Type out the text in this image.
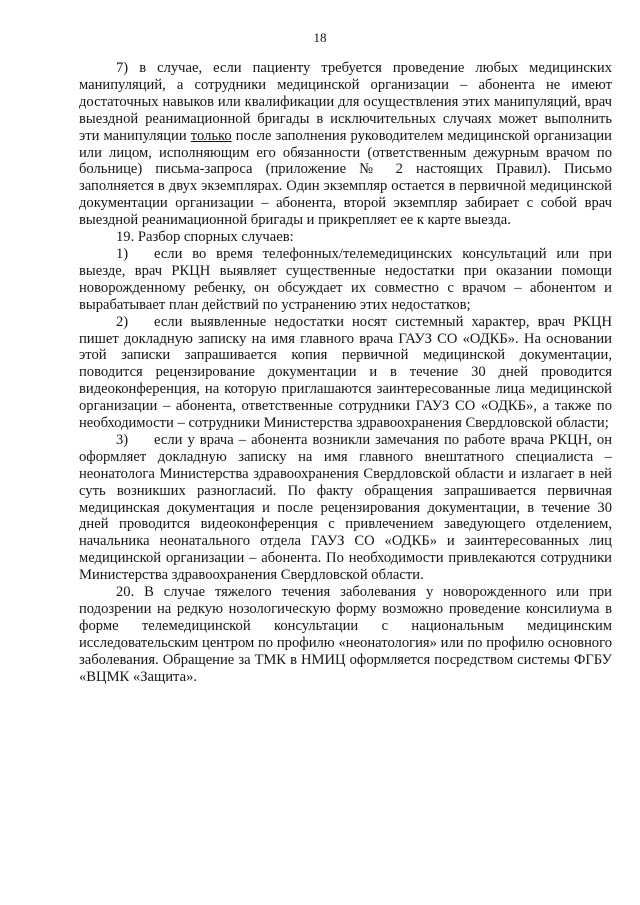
18

7) в случае, если пациенту требуется проведение любых медицинских манипуляций, а сотрудники медицинской организации – абонента не имеют достаточных навыков или квалификации для осуществления этих манипуляций, врач выездной реанимационной бригады в исключительных случаях может выполнить эти манипуляции только после заполнения руководителем медицинской организации или лицом, исполняющим его обязанности (ответственным дежурным врачом по больнице) письма-запроса (приложение № 2 настоящих Правил). Письмо заполняется в двух экземплярах. Один экземпляр остается в первичной медицинской документации организации – абонента, второй экземпляр забирает с собой врач выездной реанимационной бригады и прикрепляет ее к карте выезда.

19. Разбор спорных случаев:

1) если во время телефонных/телемедицинских консультаций или при выезде, врач РКЦН выявляет существенные недостатки при оказании помощи новорожденному ребенку, он обсуждает их совместно с врачом – абонентом и вырабатывает план действий по устранению этих недостатков;

2) если выявленные недостатки носят системный характер, врач РКЦН пишет докладную записку на имя главного врача ГАУЗ СО «ОДКБ». На основании этой записки запрашивается копия первичной медицинской документации, поводится рецензирование документации и в течение 30 дней проводится видеоконференция, на которую приглашаются заинтересованные лица медицинской организации – абонента, ответственные сотрудники ГАУЗ СО «ОДКБ», а также по необходимости – сотрудники Министерства здравоохранения Свердловской области;

3) если у врача – абонента возникли замечания по работе врача РКЦН, он оформляет докладную записку на имя главного внештатного специалиста – неонатолога Министерства здравоохранения Свердловской области и излагает в ней суть возникших разногласий. По факту обращения запрашивается первичная медицинская документация и после рецензирования документации, в течение 30 дней проводится видеоконференция с привлечением заведующего отделением, начальника неонатального отдела ГАУЗ СО «ОДКБ» и заинтересованных лиц медицинской организации – абонента. По необходимости привлекаются сотрудники Министерства здравоохранения Свердловской области.

20. В случае тяжелого течения заболевания у новорожденного или при подозрении на редкую нозологическую форму возможно проведение консилиума в форме телемедицинской консультации с национальным медицинским исследовательским центром по профилю «неонатология» или по профилю основного заболевания. Обращение за ТМК в НМИЦ оформляется посредством системы ФГБУ «ВЦМК «Защита».
